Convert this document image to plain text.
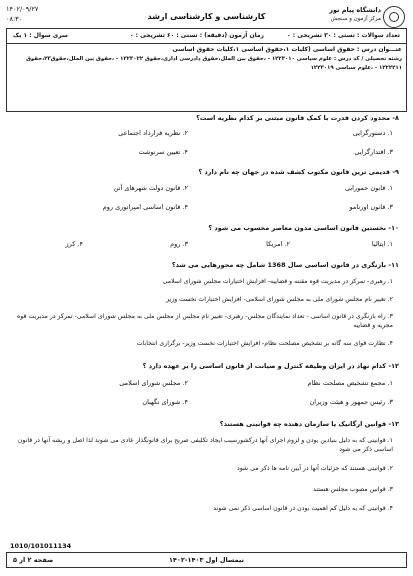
دانشگاه پیام نور
مرکز آزمون و سنجش
کارشناسی و کارشناسی ارشد
۱۴۰۲/۰۹/۲۷
۰۸:۳۰
تعداد سوالات : تستی : ۳۰ تشریحی : ۰
زمان آزمون (دقیقه) : تستی : ۶۰ تشریحی : ۰
سری سوال : ۱ یک
عنـــوان درس : حقوق اساسی (کلیات ۱،حقوق اساسی ۱،کلیات حقوق اساسی
رشته تحصیلی / کد درس : علوم سیاسی ۱۲۲۳۰۱۰ - ،حقوق بین الملل،حقوق دادرسی اداری،حقوق ۱۲۲۳۰۲۲ - ،حقوق بین الملل،حقوق۲۳،حقوق
۱۲۲۲۲۱۱ - ،علوم سیاسی ۱۲۲۳۰۱۹
۸- محدود کردن قدرت با کمک قانون مبتنی بر کدام نظریه است؟
۱. دستورگرایی
۲. نظریه قرارداد اجتماعی
۳. اقتدارگرایی
۴. تعیین سرنوشت
۹- قدیمی ترین قانون مکتوب کشف شده در جهان چه نام دارد ؟
۱. قانون حمورابی
۲. قانون دولت شهرهای آتن
۳. قانون اورنامو
۴. قانون اساسی امپراتوری روم
۱۰- نخستین قانون اساسی مدون معاصر محسوب می شود ؟
۱. ایتالیا
۲. امریکا
۳. روم
۴. کرز
۱۱- بازنگری در قانون اساسی سال 1368 شامل چه محورهایی می شد؟
۱. رهبری- تمرکز در مدیریت قوه مقننه و قضاییه- افزایش اختیارات مجلس شورای اسلامی
۲. تغییر نام مجلس شورای ملی به مجلس شورای اسلامی- افزایش اختیارات نخست وزیر
۳. راه بازنگری در قانون اساسی - تعداد نمایندگان مجلس- رهبری- تغییر نام مجلس از مجلس ملی به مجلس شورای اسلامی- تمرکز در مدیریت قوه مجریه و قضاییه
۴. نظارت قوای سه گانه بر تشخیص مصلحت نظام- افزایش اختیارات نخست وزیر- برگزاری انتخابات
۱۲- کدام نهاد در ایران وظیفه کنترل و صیانت از قانون اساسی را بر عهده دارد ؟
۱. مجمع تشخیص مصلحت نظام
۲. مجلس شورای اسلامی
۳. رئیس جمهور و هیئت وزیران
۴. شورای نگهبان
۱۳- قوانین ارگانیک یا سازمان دهنده چه قوانینی هستند؟
۱. قوانینی که به دلیل بنیادین بودن و لزوم اجرای آنها درکشورسبب ایجاد تکلیفی صریح برای قانونگذار عادی می شوند لذا اصل و ریشه آنها در قانون اساسی ذکر می شود
۲. قوانینی هستند که جزئیات آنها در آیین نامه ها ذکر می شود
۳. قوانین مصوب مجلس هستند
۴. قوانینی که به دلیل کم اهمیت بودن در قانون اساسی ذکر نمی شوند
1010/101011134
صفحه ۲ از ۵	نیمسال اول ۱۴۰۳-۱۴۰۲
